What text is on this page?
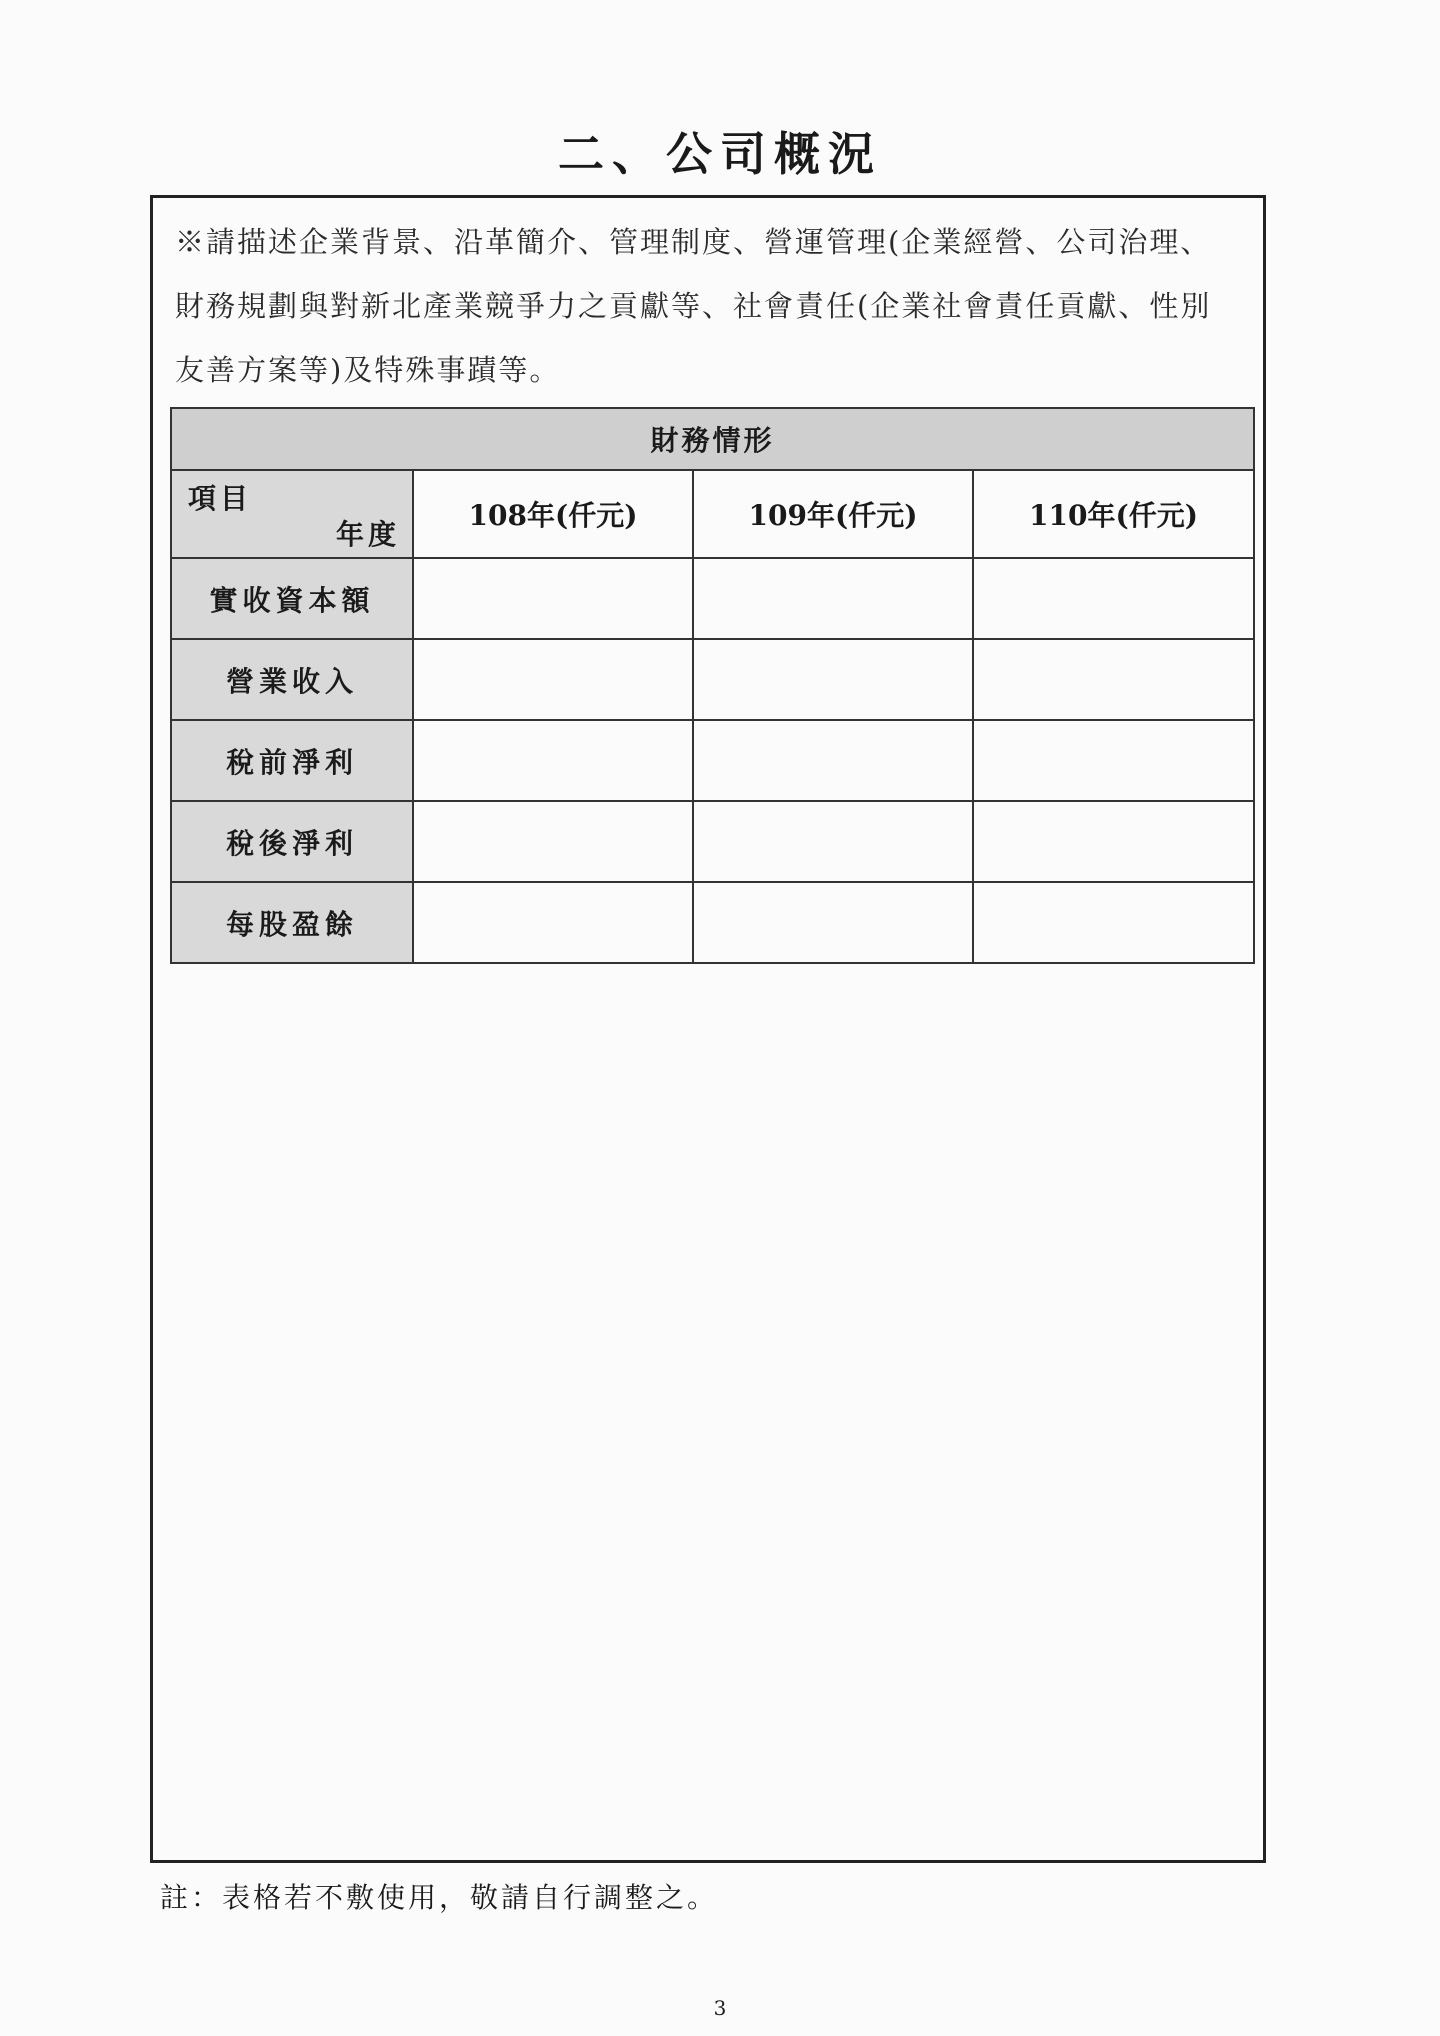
二、公司概況
※請描述企業背景、沿革簡介、管理制度、營運管理(企業經營、公司治理、財務規劃與對新北產業競爭力之貢獻等、社會責任(企業社會責任貢獻、性別友善方案等)及特殊事蹟等。
財務情形			

項目
年度	108年(仟元)	109年(仟元)	110年(仟元)
實收資本額			
營業收入			
稅前淨利			
稅後淨利			
每股盈餘			
註：表格若不敷使用，敬請自行調整之。
3
